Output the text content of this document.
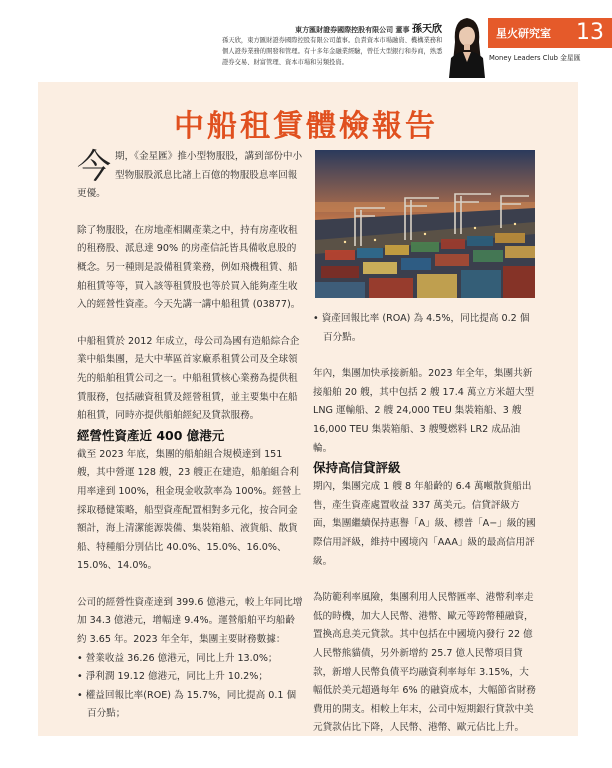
東方匯財證券國際控股有限公司 董事 孫天欣
孫天欣，東方匯財證券國際控股有限公司董事。負責資本市場融資、機構業務和個人證券業務的開發和管理。有十多年金融業經驗，曾任大型銀行和券商，熟悉證券交易、財富管理、資本市場和另類投資。
星火研究室 13
Money Leaders Club 金星匯
中船租賃體檢報告

今期，《金星匯》推小型物服股，講到部份中小型物服股派息比諸上百億的物服股息率回報更優。

除了物服股，在房地產相關產業之中，持有房產收租的租務股、派息達 90% 的房產信託皆具備收息股的概念。另一種則是設備租賃業務，例如飛機租賃、船舶租賃等等，買入該等租賃股也等於買入能夠產生收入的經營性資產。今天先講一講中船租賃 (03877)。

中船租賃於 2012 年成立，母公司為國有造船綜合企業中船集團，是大中華區首家廠系租賃公司及全球領先的船舶租賃公司之一。中船租賃核心業務為提供租賃服務，包括融資租賃及經營租賃，並主要集中在船舶租賃，同時亦提供船舶經紀及貸款服務。

經營性資產近 400 億港元

截至 2023 年底，集團的船舶組合規模達到 151 艘，其中營運 128 艘，23 艘正在建造，船舶組合利用率達到 100%，租金現金收款率為 100%。經營上採取穩健策略，船型資產配置相對多元化，按合同金額計，海上清潔能源裝備、集裝箱船、液貨船、散貨船、特種船分別佔比 40.0%、15.0%、16.0%、15.0%、14.0%。

公司的經營性資產達到 399.6 億港元，較上年同比增加 34.3 億港元，增幅達 9.4%。運營船舶平均船齡約 3.65 年。2023 年全年，集團主要財務數據：

• 營業收益 36.26 億港元，同比上升 13.0%；

• 淨利潤 19.12 億港元，同比上升 10.2%；

• 權益回報比率(ROE) 為 15.7%，同比提高 0.1 個百分點；

• 資產回報比率 (ROA) 為 4.5%，同比提高 0.2 個百分點。

年內，集團加快承接新船。2023 年全年，集團共新接船舶 20 艘，其中包括 2 艘 17.4 萬立方米超大型 LNG 運輸船、2 艘 24,000 TEU 集裝箱船、3 艘 16,000 TEU 集裝箱船、3 艘雙燃料 LR2 成品油輪。

保持高信貸評級

期內，集團完成 1 艘 8 年船齡的 6.4 萬噸散貨船出售，產生資產處置收益 337 萬美元。信貸評級方面，集團繼續保持惠譽「A」級、標普「A−」級的國際信用評級，維持中國境內「AAA」級的最高信用評級。

為防範利率風險，集團利用人民幣匯率、港幣利率走低的時機，加大人民幣、港幣、歐元等跨幣種融資，置換高息美元貸款。其中包括在中國境內發行 22 億人民幣熊貓債，另外新增約 25.7 億人民幣項目貸款，新增人民幣負債平均融資利率每年 3.15%，大幅低於美元超過每年 6% 的融資成本，大幅節省財務費用的開支。相較上年末，公司中短期銀行貸款中美元貸款佔比下降，人民幣、港幣、歐元佔比上升。
